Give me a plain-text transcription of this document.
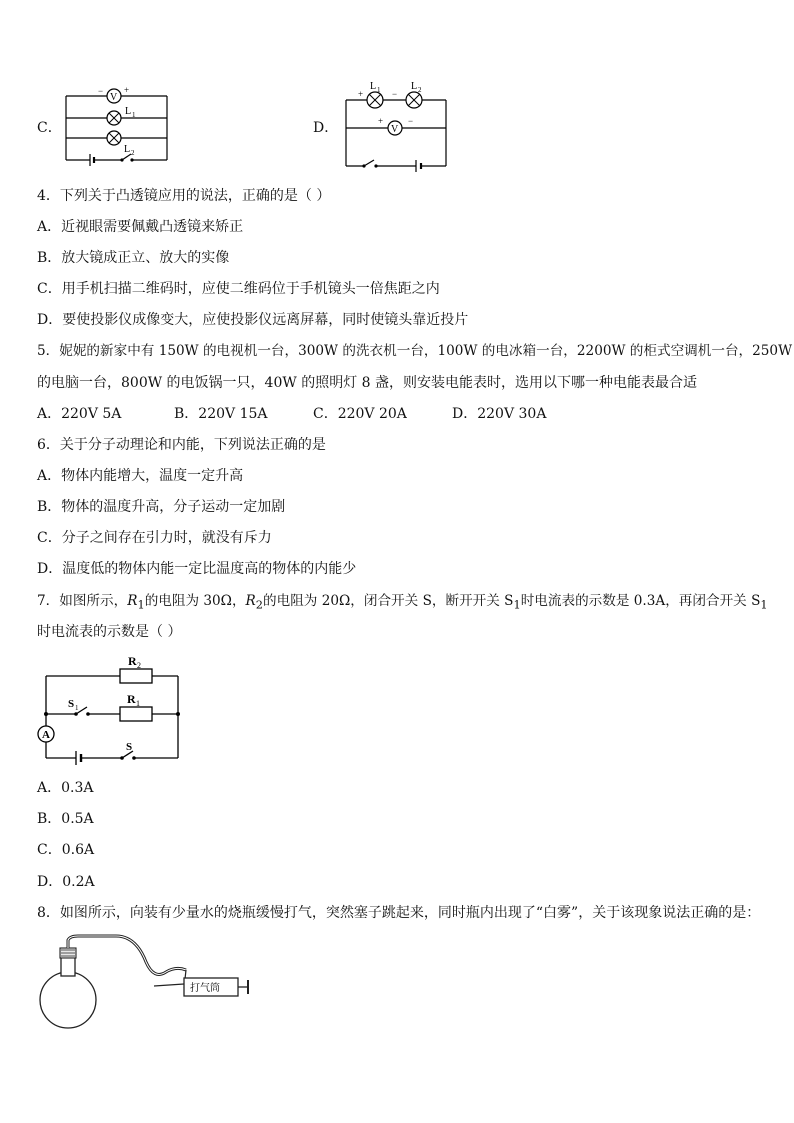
C．
V
− +
L 1
L 2
D．
L 1	L 2
+	−
V
+	−
4．下列关于凸透镜应用的说法，正确的是（ ）
A．近视眼需要佩戴凸透镜来矫正
B．放大镜成正立、放大的实像
C．用手机扫描二维码时，应使二维码位于手机镜头一倍焦距之内
D．要使投影仪成像变大，应使投影仪远离屏幕，同时使镜头靠近投片
5．妮妮的新家中有 150W 的电视机一台，300W 的洗衣机一台，100W 的电冰箱一台，2200W 的柜式空调机一台，250W
的电脑一台，800W 的电饭锅一只，40W 的照明灯 8 盏，则安装电能表时，选用以下哪一种电能表最合适
A．220V 5A	B．220V 15A	C．220V 20A	D．220V 30A
6．关于分子动理论和内能，下列说法正确的是
A．物体内能增大，温度一定升高
B．物体的温度升高，分子运动一定加剧
C．分子之间存在引力时，就没有斥力
D．温度低的物体内能一定比温度高的物体的内能少
7．如图所示，$R_1$的电阻为 30Ω，$R_2$的电阻为 20Ω，闭合开关 S，断开开关 $S_1$时电流表的示数是 0.3A，再闭合开关 $S_1$
时电流表的示数是（ ）
R 2
R 1
S 1
A
S
A．0.3A
B．0.5A
C．0.6A
D．0.2A
8．如图所示，向装有少量水的烧瓶缓慢打气，突然塞子跳起来，同时瓶内出现了“白雾”，关于该现象说法正确的是：
打气筒
